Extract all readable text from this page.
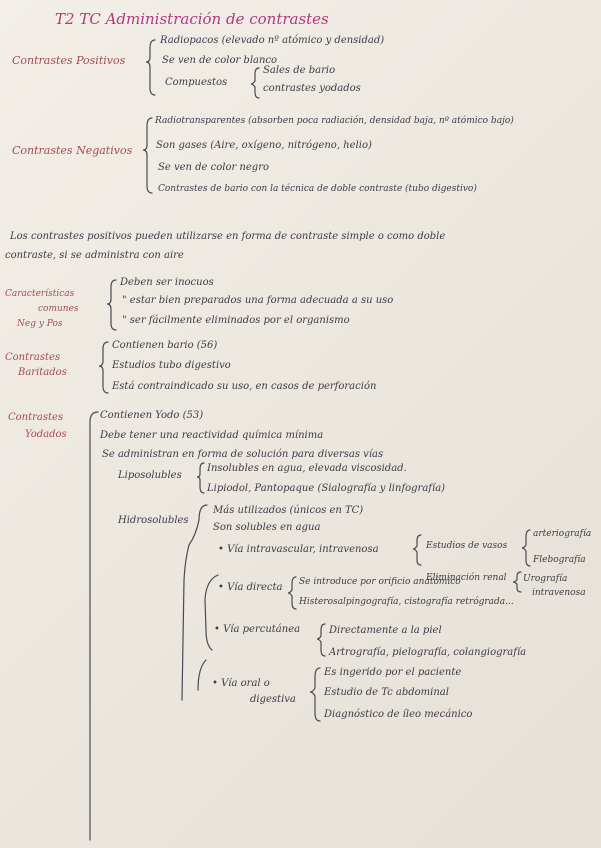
T2 TC Administración de contrastes
Contrastes Positivos
Radiopacos (elevado nº atómico y densidad)
Se ven de color blanco
Compuestos
Sales de bario
contrastes yodados
Contrastes Negativos
Radiotransparentes (absorben poca radiación, densidad baja, nº atómico bajo)
Son gases (Aire, oxígeno, nitrógeno, helio)
Se ven de color negro
Contrastes de bario con la técnica de doble contraste (tubo digestivo)
Los contrastes positivos pueden utilizarse en forma de contraste simple o como doble
contraste, si se administra con aire
Características
comunes
Neg y Pos
Deben ser inocuos
" estar bien preparados una forma adecuada a su uso
" ser fácilmente eliminados por el organismo
Contrastes
Baritados
Contienen bario (56)
Estudios tubo digestivo
Está contraindicado su uso, en casos de perforación
Contrastes
Yodados
Contienen Yodo (53)
Debe tener una reactividad química mínima
Se administran en forma de solución para diversas vías
Liposolubles
Insolubles en agua, elevada viscosidad.
Lipiodol, Pantopaque (Sialografía y linfografía)
Hidrosolubles
Más utilizados (únicos en TC)
Son solubles en agua
• Vía intravascular, intravenosa	Estudios de vasos
arteriografía
Flebografía
Eliminación renal Urografía
intravenosa
• Vía directa Se introduce por orificio anatómico
Histerosalpingografía, cistografía retrógrada...
• Vía percutánea	Directamente a la piel
Artrografía, pielografía, colangiografía
• Vía oral o
digestiva
Es ingerido por el paciente
Estudio de Tc abdominal
Diagnóstico de íleo mecánico
